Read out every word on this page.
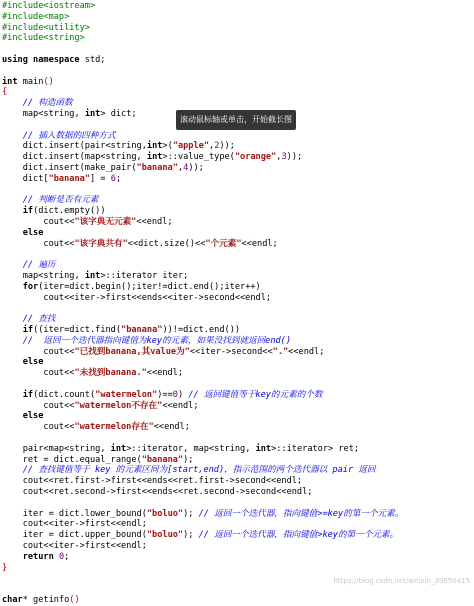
#include<iostream>
#include<map>
#include<utility>
#include<string>
using namespace std;
int main()
{
// 构造函数
map<string, int> dict;
// 插入数据的四种方式
dict.insert(pair<string,int>("apple",2));
dict.insert(map<string, int>::value_type("orange",3));
dict.insert(make_pair("banana",4));
dict["banana"] = 6;
// 判断是否有元素
if(dict.empty())
cout<<"该字典无元素"<<endl;
else
cout<<"该字典共有"<<dict.size()<<"个元素"<<endl;
// 遍历
map<string, int>::iterator iter;
for(iter=dict.begin();iter!=dict.end();iter++)
cout<<iter->first<<ends<<iter->second<<endl;
// 查找
if((iter=dict.find("banana"))!=dict.end())
//  返回一个迭代器指向键值为key的元素，如果没找到就返回end()
cout<<"已找到banana,其value为"<<iter->second<<"."<<endl;
else
cout<<"未找到banana."<<endl;
if(dict.count("watermelon")==0) // 返回键值等于key的元素的个数
cout<<"watermelon不存在"<<endl;
else
cout<<"watermelon存在"<<endl;
pair<map<string, int>::iterator, map<string, int>::iterator> ret;
ret = dict.equal_range("banana");
// 查找键值等于 key 的元素区间为[start,end)，指示范围的两个迭代器以 pair 返回
cout<<ret.first->first<<ends<<ret.first->second<<endl;
cout<<ret.second->first<<ends<<ret.second->second<<endl;
iter = dict.lower_bound("boluo"); // 返回一个迭代器，指向键值>=key的第一个元素。
cout<<iter->first<<endl;
iter = dict.upper_bound("boluo"); // 返回一个迭代器，指向键值>key的第一个元素。
cout<<iter->first<<endl;
return 0;
}
char* getinfo()
滚动鼠标轴或单击，开始截长图
https://blog.csdn.net/weixin_39650415
